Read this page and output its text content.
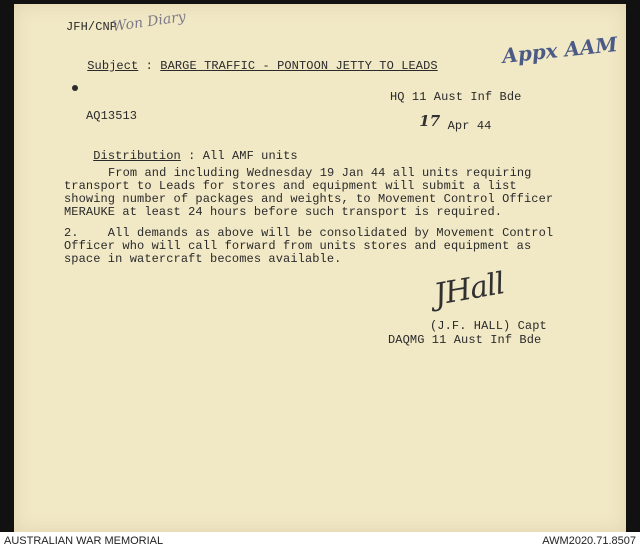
JFH/CNP
Won Diary

Subject : BARGE TRAFFIC - PONTOON JETTY TO LEADS
	Appx AAM
HQ 11 Aust Inf Bde

17 Apr 44

AQ13513

Distribution : All AMF units

From and including Wednesday 19 Jan 44 all units requiring

transport to Leads for stores and equipment will submit a list

showing number of packages and weights, to Movement Control Officer

MERAUKE at least 24 hours before such transport is required.

2.    All demands as above will be consolidated by Movement Control

Officer who will call forward from units stores and equipment as

space in watercraft becomes available.

JHall
(J.F. HALL) Capt
DAQMG 11 Aust Inf Bde
AUSTRALIAN WAR MEMORIAL	AWM2020.71.8507
